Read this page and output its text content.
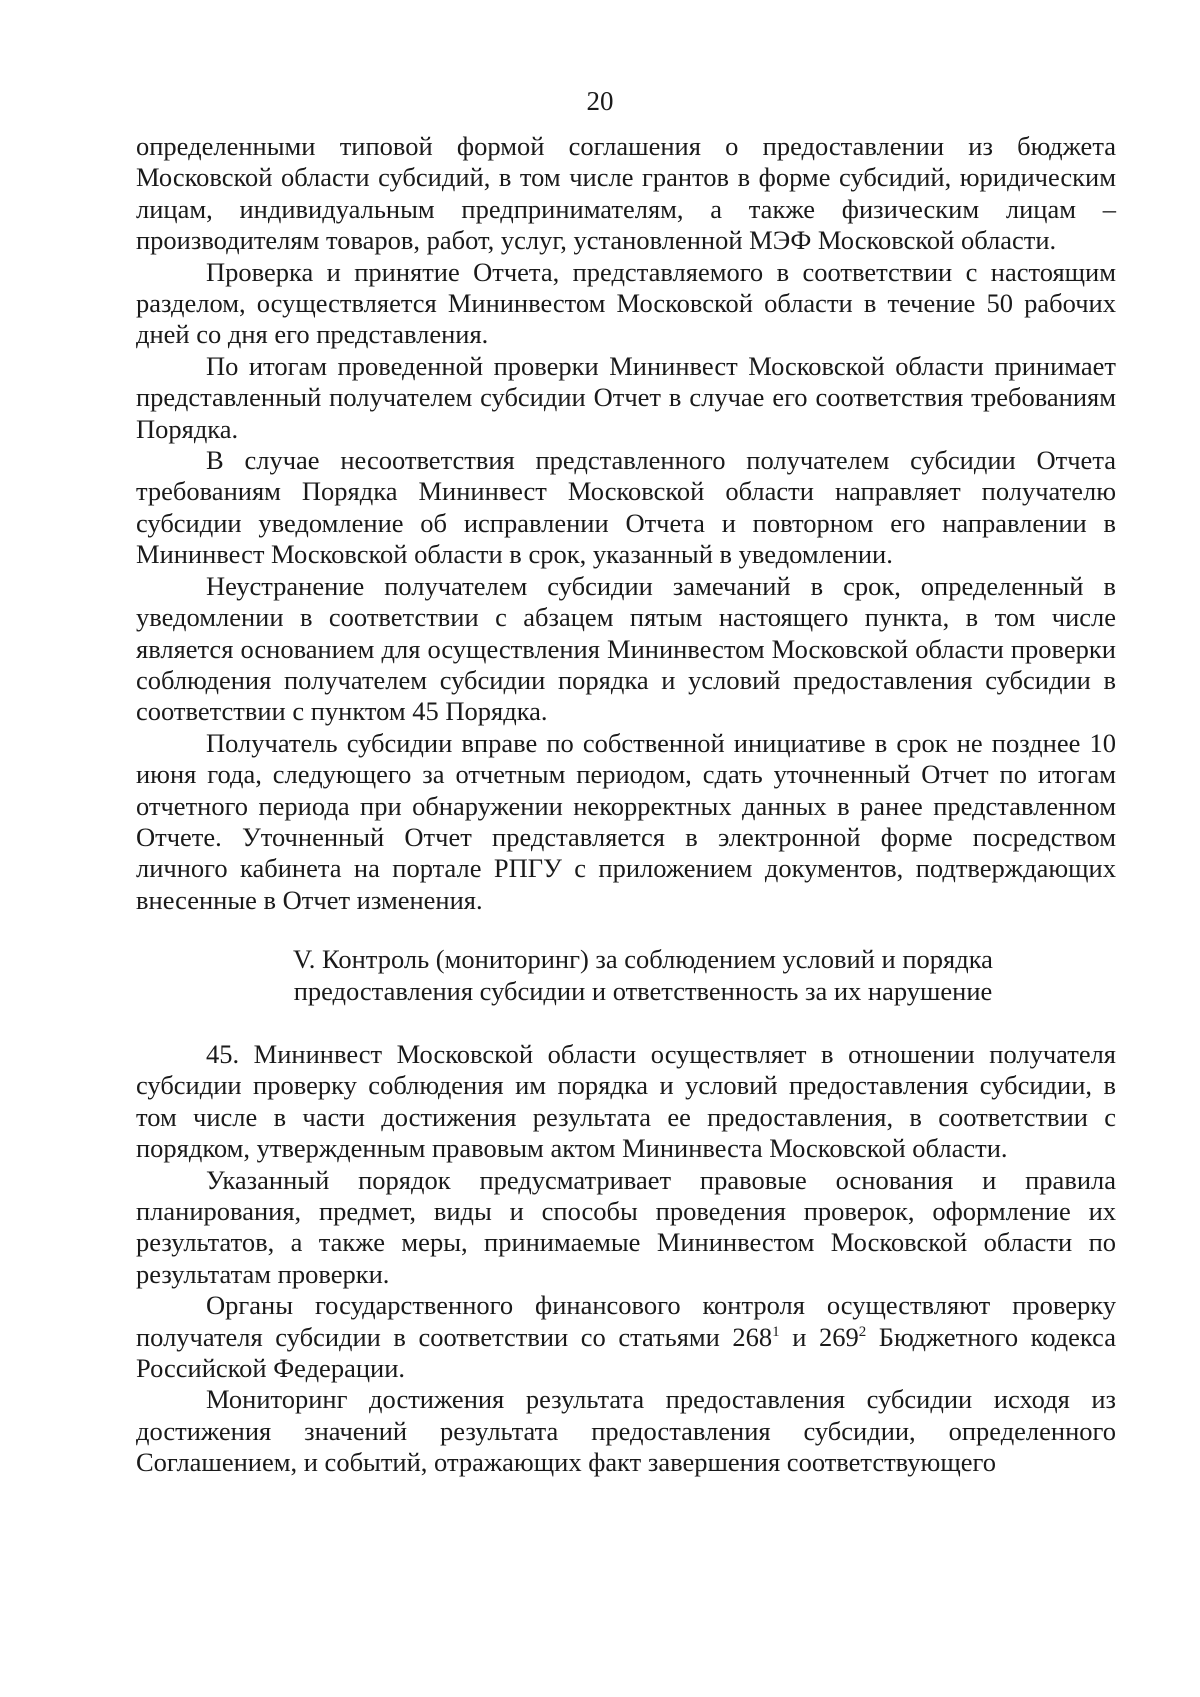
20

определенными типовой формой соглашения о предоставлении из бюджета Московской области субсидий, в том числе грантов в форме субсидий, юридическим лицам, индивидуальным предпринимателям, а также физическим лицам – производителям товаров, работ, услуг, установленной МЭФ Московской области.

Проверка и принятие Отчета, представляемого в соответствии с настоящим разделом, осуществляется Мининвестом Московской области в течение 50 рабочих дней со дня его представления.

По итогам проведенной проверки Мининвест Московской области принимает представленный получателем субсидии Отчет в случае его соответствия требованиям Порядка.

В случае несоответствия представленного получателем субсидии Отчета требованиям Порядка Мининвест Московской области направляет получателю субсидии уведомление об исправлении Отчета и повторном его направлении в Мининвест Московской области в срок, указанный в уведомлении.

Неустранение получателем субсидии замечаний в срок, определенный в уведомлении в соответствии с абзацем пятым настоящего пункта, в том числе является основанием для осуществления Мининвестом Московской области проверки соблюдения получателем субсидии порядка и условий предоставления субсидии в соответствии с пунктом 45 Порядка.

Получатель субсидии вправе по собственной инициативе в срок не позднее 10 июня года, следующего за отчетным периодом, сдать уточненный Отчет по итогам отчетного периода при обнаружении некорректных данных в ранее представленном Отчете. Уточненный Отчет представляется в электронной форме посредством личного кабинета на портале РПГУ с приложением документов, подтверждающих внесенные в Отчет изменения.

V. Контроль (мониторинг) за соблюдением условий и порядка
предоставления субсидии и ответственность за их нарушение

45. Мининвест Московской области осуществляет в отношении получателя субсидии проверку соблюдения им порядка и условий предоставления субсидии, в том числе в части достижения результата ее предоставления, в соответствии с порядком, утвержденным правовым актом Мининвеста Московской области.

Указанный порядок предусматривает правовые основания и правила планирования, предмет, виды и способы проведения проверок, оформление их результатов, а также меры, принимаемые Мининвестом Московской области по результатам проверки.

Органы государственного финансового контроля осуществляют проверку получателя субсидии в соответствии со статьями $268^1$ и $269^2$ Бюджетного кодекса Российской Федерации.

Мониторинг достижения результата предоставления субсидии исходя из достижения значений результата предоставления субсидии, определенного Соглашением, и событий, отражающих факт завершения соответствующего
